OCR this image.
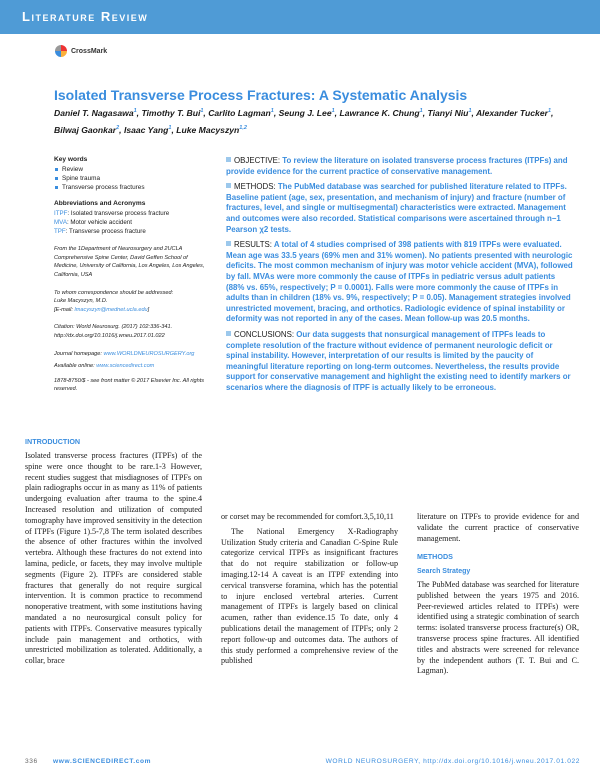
Literature Review
CrossMark
Isolated Transverse Process Fractures: A Systematic Analysis
Daniel T. Nagasawa$^1$, Timothy T. Bui$^1$, Carlito Lagman$^1$, Seung J. Lee$^1$, Lawrance K. Chung$^1$, Tianyi Niu$^1$, Alexander Tucker$^1$, Bilwaj Gaonkar$^2$, Isaac Yang$^1$, Luke Macyszyn$^{1,2}$
Key words
Review
Spine trauma
Transverse process fractures
Abbreviations and Acronyms
ITPF: Isolated transverse process fracture
MVA: Motor vehicle accident
TPF: Transverse process fracture
From the 1Department of Neurosurgery and 2UCLA Comprehensive Spine Center, David Geffen School of Medicine, University of California, Los Angeles, Los Angeles, California, USA
To whom correspondence should be addressed:
Luke Macyszyn, M.D.
[E-mail: lmacyszyn@mednet.ucla.edu]
Citation: World Neurosurg. (2017) 102:336-341.
http://dx.doi.org/10.1016/j.wneu.2017.01.022
Journal homepage: www.WORLDNEUROSURGERY.org
Available online: www.sciencedirect.com
1878-8750/$ - see front matter © 2017 Elsevier Inc. All rights reserved.

OBJECTIVE: To review the literature on isolated transverse process fractures (ITPFs) and provide evidence for the current practice of conservative management.

METHODS: The PubMed database was searched for published literature related to ITPFs. Baseline patient (age, sex, presentation, and mechanism of injury) and fracture (number of fractures, level, and single or multisegmental) characteristics were extracted. Management and outcomes were also recorded. Statistical comparisons were ascertained through n−1 Pearson χ2 tests.

RESULTS: A total of 4 studies comprised of 398 patients with 819 ITPFs were evaluated. Mean age was 33.5 years (69% men and 31% women). No patients presented with neurologic deficits. The most common mechanism of injury was motor vehicle accident (MVA), followed by fall. MVAs were more commonly the cause of ITPFs in pediatric versus adult patients (88% vs. 65%, respectively; P = 0.0001). Falls were more commonly the cause of ITPFs in adults than in children (18% vs. 9%, respectively; P = 0.05). Management strategies involved unrestricted movement, bracing, and orthotics. Radiologic evidence of spinal instability or deformity was not reported in any of the cases. Mean follow-up was 20.5 months.

CONCLUSIONS: Our data suggests that nonsurgical management of ITPFs leads to complete resolution of the fracture without evidence of permanent neurologic deficit or spinal instability. However, interpretation of our results is limited by the paucity of meaningful literature reporting on long-term outcomes. Nevertheless, the results provide support for conservative management and highlight the existing need to identify markers or scenarios where the diagnosis of ITPF is actually likely to be erroneous.

INTRODUCTION
Isolated transverse process fractures (ITPFs) of the spine were once thought to be rare.1-3 However, recent studies suggest that misdiagnoses of ITPFs on plain radiographs occur in as many as 11% of patients undergoing evaluation after trauma to the spine.4 Increased resolution and utilization of computed tomography have improved sensitivity in the detection of ITPFs (Figure 1).5-7,8 The term isolated describes the absence of other fractures within the involved vertebra. Although these fractures do not extend into lamina, pedicle, or facets, they may involve multiple segments (Figure 2). ITPFs are considered stable fractures that generally do not require surgical intervention. It is common practice to recommend nonoperative treatment, with some institutions having mandated a no neurosurgical consult policy for patients with ITPFs. Conservative measures typically include pain management and orthotics, with unrestricted mobilization as tolerated. Additionally, a collar, brace
or corset may be recommended for comfort.3,5,10,11
The National Emergency X-Radiography Utilization Study criteria and Canadian C-Spine Rule categorize cervical ITPFs as insignificant fractures that do not require stabilization or follow-up imaging.12-14 A caveat is an ITPF extending into cervical transverse foramina, which has the potential to injure enclosed vertebral arteries. Current management of ITPFs is largely based on clinical acumen, rather than evidence.15 To date, only 4 publications detail the management of ITPFs; only 2 report follow-up and outcomes data. The authors of this study performed a comprehensive review of the published
literature on ITPFs to provide evidence for and validate the current practice of conservative management.
METHODS
Search Strategy
The PubMed database was searched for literature published between the years 1975 and 2016. Peer-reviewed articles related to ITPFs) were identified using a strategic combination of search terms: isolated transverse process fracture(s) OR, transverse process spine fractures. All identified titles and abstracts were screened for relevance by the independent authors (T. T. Bui and C. Lagman).
336 www.SCIENCEDIRECT.com	WORLD NEUROSURGERY, http://dx.doi.org/10.1016/j.wneu.2017.01.022
